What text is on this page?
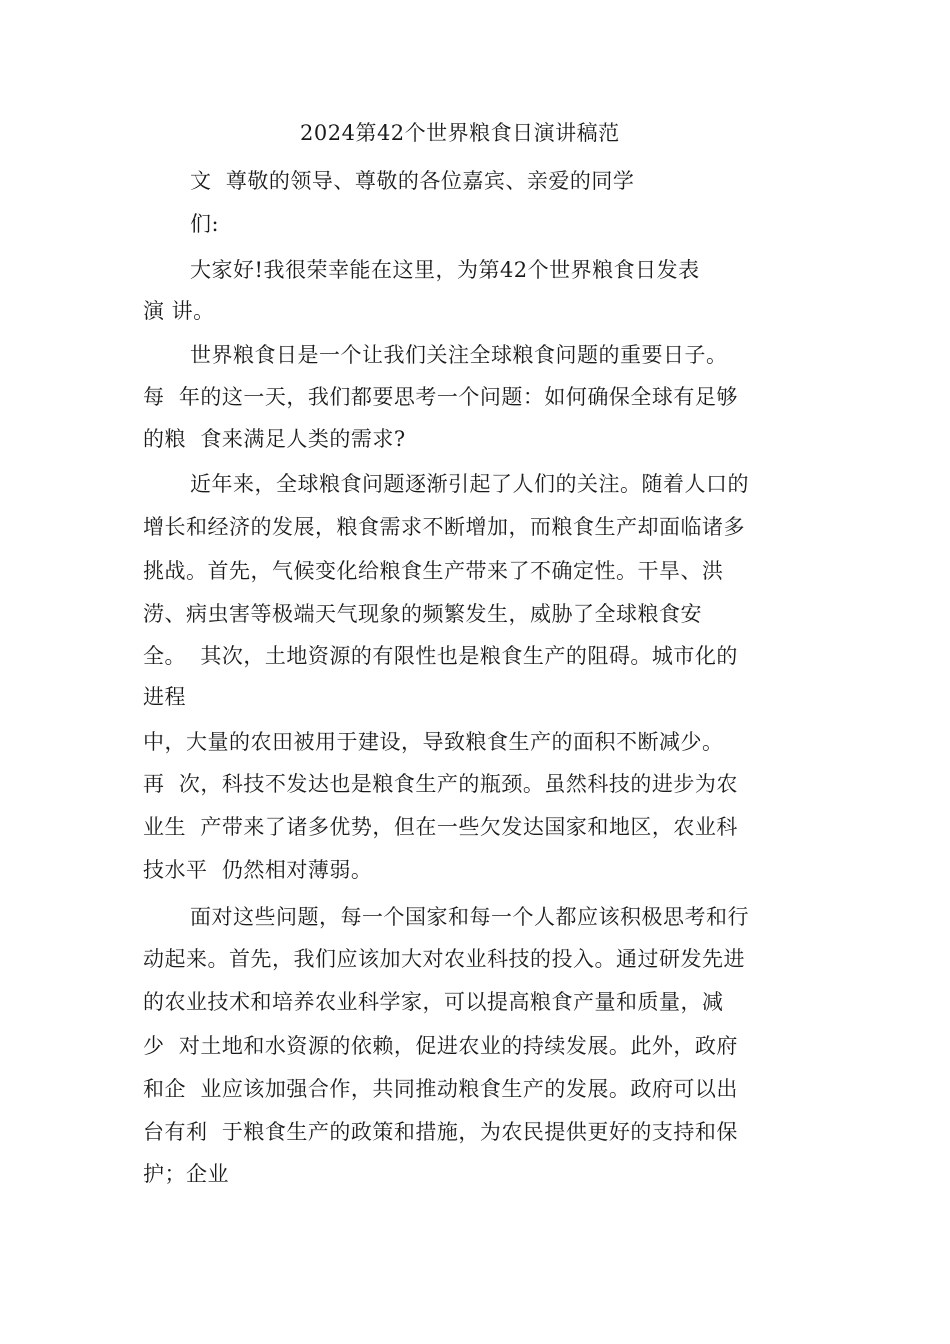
2024第42个世界粮食日演讲稿范
文  尊敬的领导、尊敬的各位嘉宾、亲爱的同学
们:
大家好!我很荣幸能在这里，为第42个世界粮食日发表
演 讲。
世界粮食日是一个让我们关注全球粮食问题的重要日子。
每  年的这一天，我们都要思考一个问题：如何确保全球有足够
的粮  食来满足人类的需求?
近年来，全球粮食问题逐渐引起了人们的关注。随着人口的
增长和经济的发展，粮食需求不断增加，而粮食生产却面临诸多
挑战。首先，气候变化给粮食生产带来了不确定性。干旱、洪
涝、病虫害等极端天气现象的频繁发生，威胁了全球粮食安
全。  其次，土地资源的有限性也是粮食生产的阻碍。城市化的
进程
中，大量的农田被用于建设，导致粮食生产的面积不断减少。
再  次，科技不发达也是粮食生产的瓶颈。虽然科技的进步为农
业生  产带来了诸多优势，但在一些欠发达国家和地区，农业科
技水平  仍然相对薄弱。
面对这些问题，每一个国家和每一个人都应该积极思考和行
动起来。首先，我们应该加大对农业科技的投入。通过研发先进
的农业技术和培养农业科学家，可以提高粮食产量和质量，减
少  对土地和水资源的依赖，促进农业的持续发展。此外，政府
和企  业应该加强合作，共同推动粮食生产的发展。政府可以出
台有利  于粮食生产的政策和措施，为农民提供更好的支持和保
护；企业
